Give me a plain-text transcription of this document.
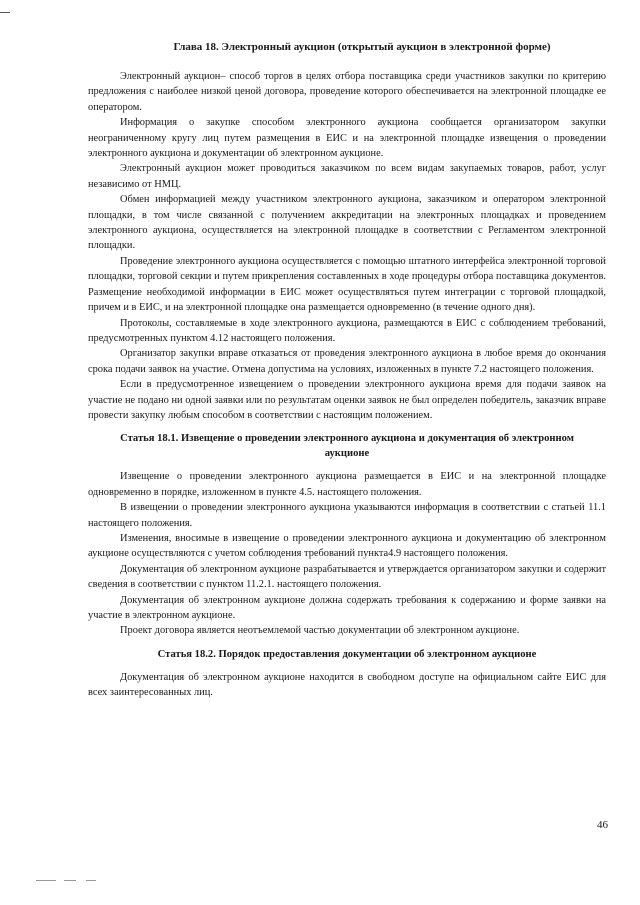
Глава 18. Электронный аукцион (открытый аукцион в электронной форме)

Электронный аукцион– способ торгов в целях отбора поставщика среди участников закупки по критерию предложения с наиболее низкой ценой договора, проведение которого обеспечивается на электронной площадке ее оператором.

Информация о закупке способом электронного аукциона сообщается организатором закупки неограниченному кругу лиц путем размещения в ЕИС и на электронной площадке извещения о проведении электронного аукциона и документации об электронном аукционе.

Электронный аукцион может проводиться заказчиком по всем видам закупаемых товаров, работ, услуг независимо от НМЦ.

Обмен информацией между участником электронного аукциона, заказчиком и оператором электронной площадки, в том числе связанной с получением аккредитации на электронных площадках и проведением электронного аукциона, осуществляется на электронной площадке в соответствии с Регламентом электронной площадки.

Проведение электронного аукциона осуществляется с помощью штатного интерфейса электронной торговой площадки, торговой секции и путем прикрепления составленных в ходе процедуры отбора поставщика документов. Размещение необходимой информации в ЕИС может осуществляться путем интеграции с торговой площадкой, причем и в ЕИС, и на электронной площадке она размещается одновременно (в течение одного дня).

Протоколы, составляемые в ходе электронного аукциона, размещаются в ЕИС с соблюдением требований, предусмотренных пунктом 4.12 настоящего положения.

Организатор закупки вправе отказаться от проведения электронного аукциона в любое время до окончания срока подачи заявок на участие. Отмена допустима на условиях, изложенных в пункте 7.2 настоящего положения.

Если в предусмотренное извещением о проведении электронного аукциона время для подачи заявок на участие не подано ни одной заявки или по результатам оценки заявок не был определен победитель, заказчик вправе провести закупку любым способом в соответствии с настоящим положением.

Статья 18.1. Извещение о проведении электронного аукциона и документация об электронном аукционе

Извещение о проведении электронного аукциона размещается в ЕИС и на электронной площадке одновременно в порядке, изложенном в пункте 4.5. настоящего положения.

В извещении о проведении электронного аукциона указываются информация в соответствии с статьей 11.1 настоящего положения.

Изменения, вносимые в извещение о проведении электронного аукциона и документацию об электронном аукционе осуществляются с учетом соблюдения требований пункта4.9 настоящего положения.

Документация об электронном аукционе разрабатывается и утверждается организатором закупки и содержит сведения в соответствии с пунктом 11.2.1. настоящего положения.

Документация об электронном аукционе должна содержать требования к содержанию и форме заявки на участие в электронном аукционе.

Проект договора является неотъемлемой частью документации об электронном аукционе.

Статья 18.2. Порядок предоставления документации об электронном аукционе

Документация об электронном аукционе находится в свободном доступе на официальном сайте ЕИС для всех заинтересованных лиц.

46
